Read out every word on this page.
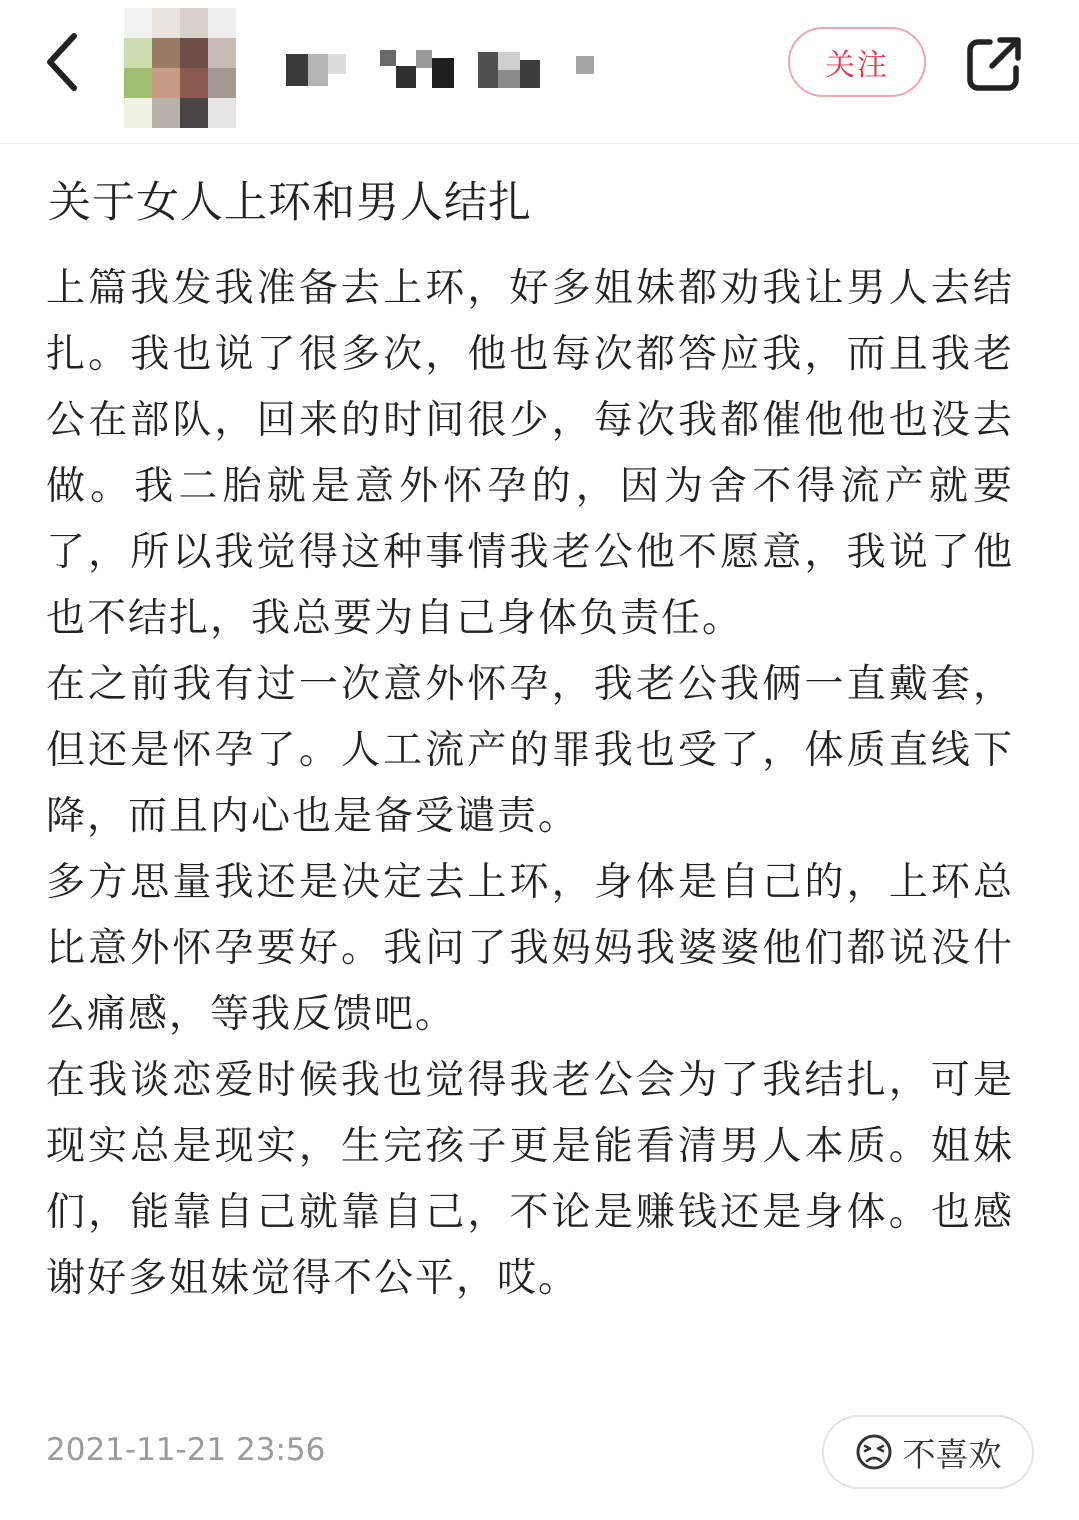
关注
关于女人上环和男人结扎

上篇我发我准备去上环，好多姐妹都劝我让男人去结扎。我也说了很多次，他也每次都答应我，而且我老公在部队，回来的时间很少，每次我都催他他也没去做。我二胎就是意外怀孕的，因为舍不得流产就要了，所以我觉得这种事情我老公他不愿意，我说了他也不结扎，我总要为自己身体负责任。

在之前我有过一次意外怀孕，我老公我俩一直戴套，但还是怀孕了。人工流产的罪我也受了，体质直线下降，而且内心也是备受谴责。

多方思量我还是决定去上环，身体是自己的，上环总比意外怀孕要好。我问了我妈妈我婆婆他们都说没什么痛感，等我反馈吧。

在我谈恋爱时候我也觉得我老公会为了我结扎，可是现实总是现实，生完孩子更是能看清男人本质。姐妹们，能靠自己就靠自己，不论是赚钱还是身体。也感谢好多姐妹觉得不公平，哎。

2021-11-21 23:56	不喜欢
